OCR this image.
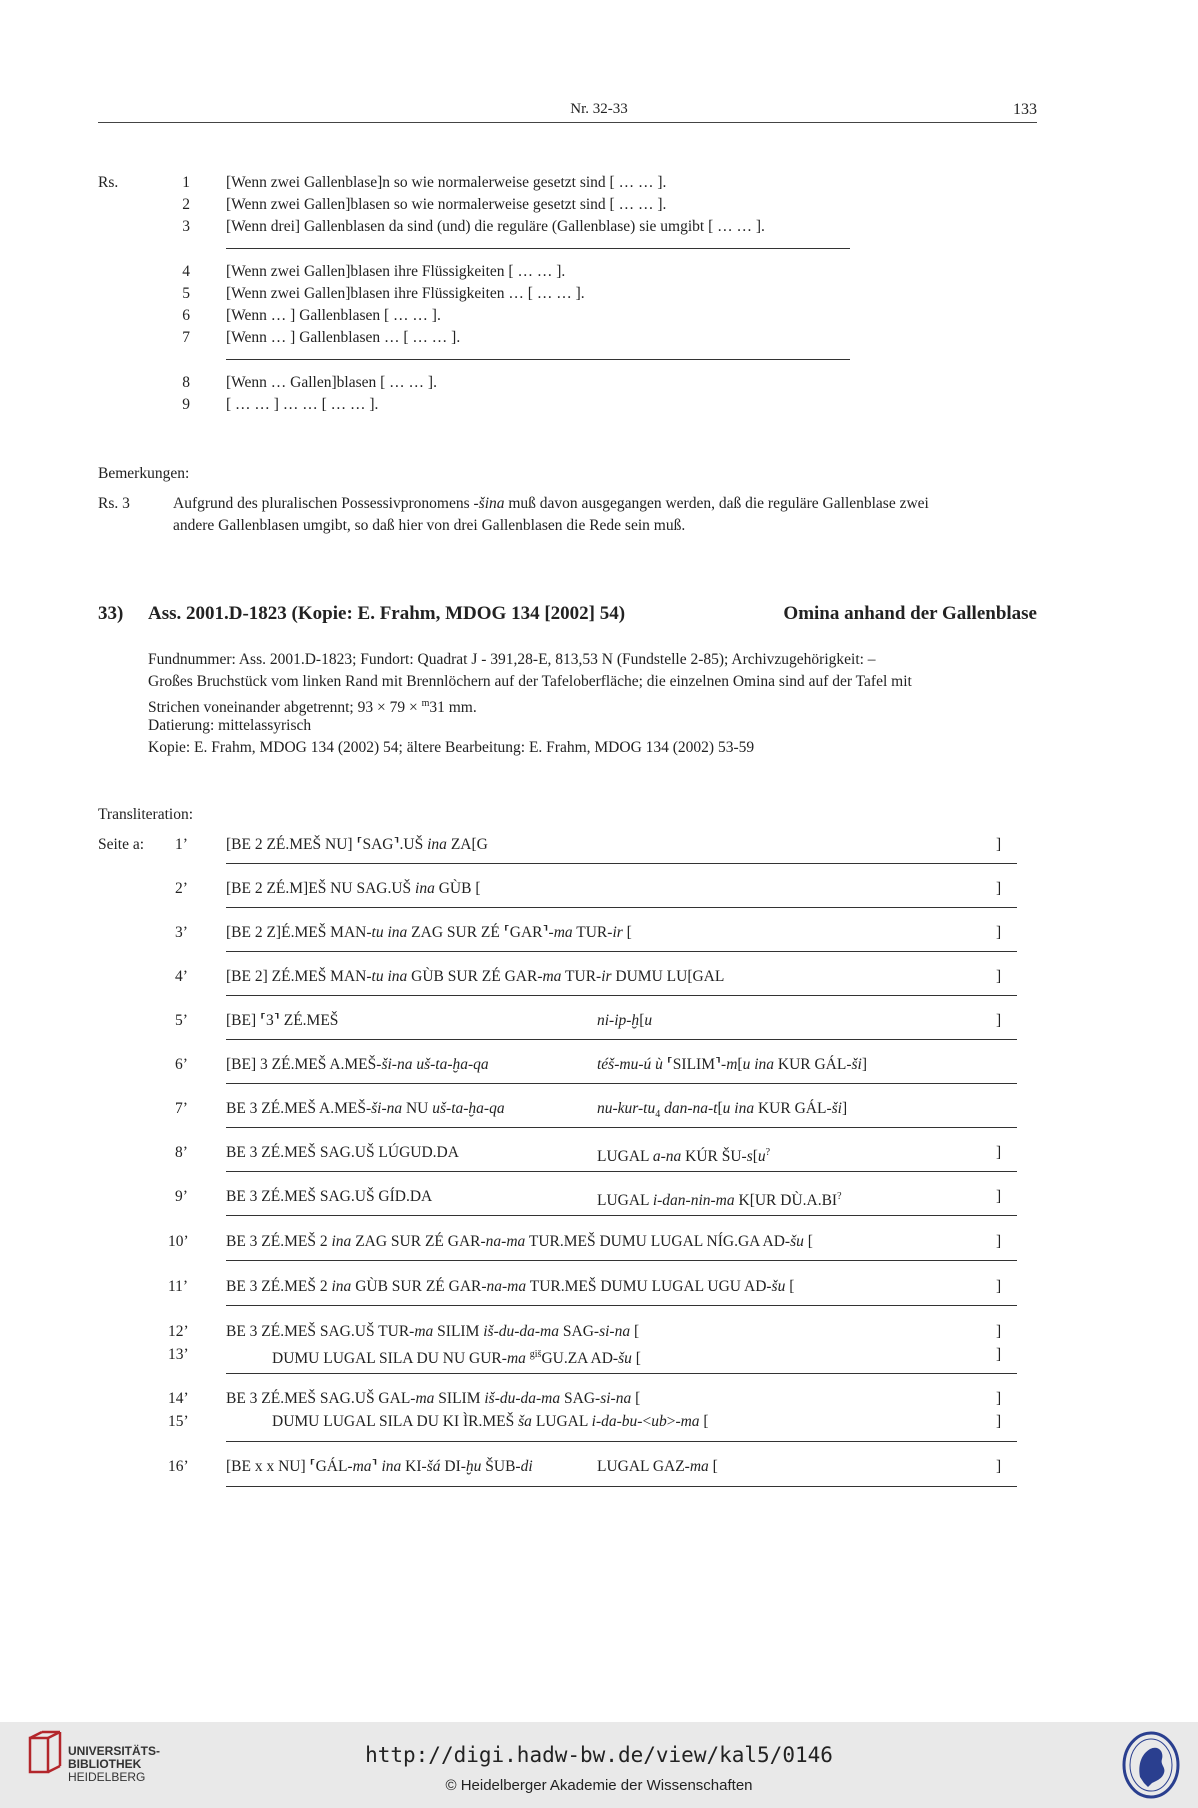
Nr. 32-33	133
Rs.	1 [Wenn zwei Gallenblase]n so wie normalerweise gesetzt sind [ … … ].
2 [Wenn zwei Gallen]blasen so wie normalerweise gesetzt sind [ … … ].
3 [Wenn drei] Gallenblasen da sind (und) die reguläre (Gallenblase) sie umgibt [ … … ].
4 [Wenn zwei Gallen]blasen ihre Flüssigkeiten [ … … ].
5 [Wenn zwei Gallen]blasen ihre Flüssigkeiten … [ … … ].
6 [Wenn … ] Gallenblasen [ … … ].
7 [Wenn … ] Gallenblasen … [ … … ].
8 [Wenn … Gallen]blasen [ … … ].
9 [ … … ] … … [ … … ].
Bemerkungen:
Rs. 3	Aufgrund des pluralischen Possessivpronomens -šina muß davon ausgegangen werden, daß die reguläre Gallenblase zwei
andere Gallenblasen umgibt, so daß hier von drei Gallenblasen die Rede sein muß.
33) Ass. 2001.D-1823 (Kopie: E. Frahm, MDOG 134 [2002] 54)	Omina anhand der Gallenblase
Fundnummer: Ass. 2001.D-1823; Fundort: Quadrat J - 391,28-E, 813,53 N (Fundstelle 2-85); Archivzugehörigkeit: –
Großes Bruchstück vom linken Rand mit Brennlöchern auf der Tafeloberfläche; die einzelnen Omina sind auf der Tafel mit
Strichen voneinander abgetrennt; 93 × 79 × $^m$31 mm.
Datierung: mittelassyrisch
Kopie: E. Frahm, MDOG 134 (2002) 54; ältere Bearbeitung: E. Frahm, MDOG 134 (2002) 53-59
Transliteration:
Seite a: 1’ [BE 2 ZÉ.MEŠ NU] ⸢SAG⸣.UŠ ina ZA[G	]
2’ [BE 2 ZÉ.M]EŠ NU SAG.UŠ ina GÙB [	]
3’ [BE 2 Z]É.MEŠ MAN-tu ina ZAG SUR ZÉ ⸢GAR⸣-ma TUR-ir [	]
4’ [BE 2] ZÉ.MEŠ MAN-tu ina GÙB SUR ZÉ GAR-ma TUR-ir DUMU LU[GAL	]
5’ [BE] ⸢3⸣ ZÉ.MEŠ	ni-ip-ḫ[u	]
6’ [BE] 3 ZÉ.MEŠ A.MEŠ-ši-na uš-ta-ḫa-qa	téš-mu-ú ù ⸢SILIM⸣-m[u ina KUR GÁL-ši]
7’ BE 3 ZÉ.MEŠ A.MEŠ-ši-na NU uš-ta-ḫa-qa	$nu-kur-tu_4$ dan-na-t[u ina KUR GÁL-ši]
8’ BE 3 ZÉ.MEŠ SAG.UŠ LÚGUD.DA	LUGAL a-na KÚR ŠU-s[u?	]
9’ BE 3 ZÉ.MEŠ SAG.UŠ GÍD.DA	LUGAL i-dan-nin-ma K[UR DÙ.A.BI?	]
10’ BE 3 ZÉ.MEŠ 2 ina ZAG SUR ZÉ GAR-na-ma TUR.MEŠ DUMU LUGAL NÍG.GA AD-šu [	]
11’ BE 3 ZÉ.MEŠ 2 ina GÙB SUR ZÉ GAR-na-ma TUR.MEŠ DUMU LUGAL UGU AD-šu [	]
12’ BE 3 ZÉ.MEŠ SAG.UŠ TUR-ma SILIM iš-du-da-ma SAG-si-na [	]
13’	DUMU LUGAL SILA DU NU GUR-ma $^{giš}$GU.ZA AD-šu [	]
14’ BE 3 ZÉ.MEŠ SAG.UŠ GAL-ma SILIM iš-du-da-ma SAG-si-na [	]
15’	DUMU LUGAL SILA DU KI ÌR.MEŠ ša LUGAL i-da-bu-<ub>-ma [	]
16’ [BE x x NU] ⸢GÁL-ma⸣ ina KI-šá DI-ḫu ŠUB-di	LUGAL GAZ-ma [	]
UNIVERSITÄTS-
BIBLIOTHEK
HEIDELBERG
http://digi.hadw-bw.de/view/kal5/0146
© Heidelberger Akademie der Wissenschaften
